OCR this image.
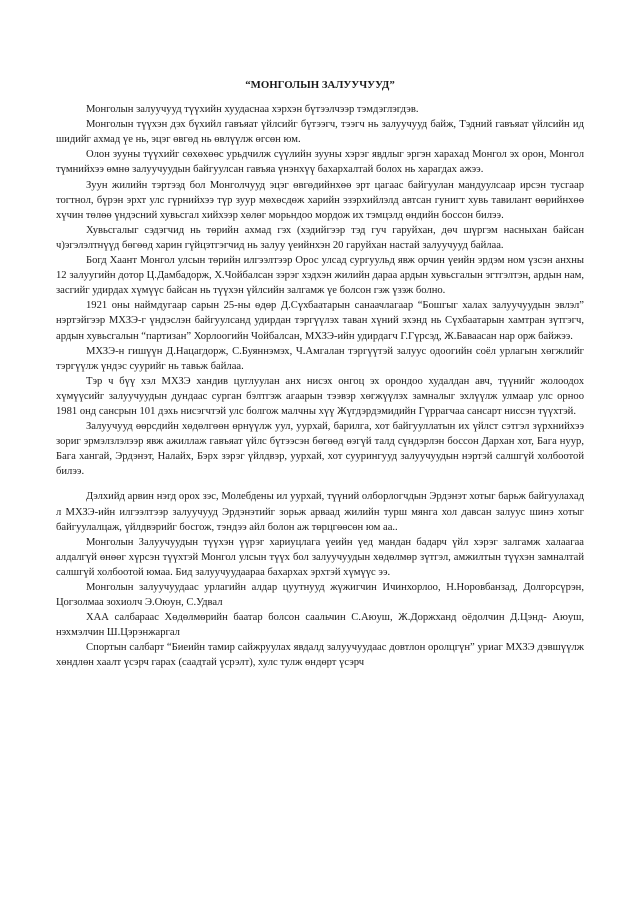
“МОНГОЛЫН ЗАЛУУЧУУД”

Монголын залуучууд түүхийн хуудаснаа хэрхэн бүтээлчээр тэмдэглэгдэв.

Монголын түүхэн дэх бүхийл гавъяат үйлсийг бүтээгч, тээгч нь залуучууд байж, Тэдний гавъяат үйлсийн ид шидийг ахмад үе нь, эцэг өвгөд нь өвлүүлж өгсөн юм.

Олон зууны түүхийг сөхөхөөс урьдчилж сүүлийн зууны хэрэг явдлыг эргэн харахад Монгол эх орон, Монгол түмнийхээ өмнө залуучуудын байгуулсан гавъяа үнэнхүү бахархалтай болох нь харагдах ажээ.

Зуун жилийн тэртээд бол Монголчууд эцэг өвгөдийнхөө эрт цагаас байгуулан мандуулсаар ирсэн тусгаар тогтнол, бүрэн эрхт улс гүрнийхээ түр зуур мөхөсдөж харийн эзэрхийлэлд автсан гунигт хувь тавилант өөрийнхөө хүчин төлөө үндэсний хувьсгал хийхээр хөлөг морьндоо мордож их тэмцэлд өндийн боссон билээ.

Хувьсгалыг сэдэгчид нь төрийн ахмад гэх (хэдийгээр тэд гуч гаруйхан, дөч шүргэм насныхан байсан ч)эгэлэлтнүүд бөгөөд харин гүйцэтгэгчид нь залуу үеийнхэн 20 гаруйхан настай залуучууд байлаа.

Богд Хаант Монгол улсын төрийн илгээлтээр Орос улсад сургуульд явж орчин үеийн эрдэм ном үзсэн анхны 12 залуугийн дотор Ц.Дамбадорж, Х.Чойбалсан зэрэг хэдхэн жилийн дараа ардын хувьсгалын эгтгэлтэн, ардын нам, засгийг удирдах хүмүүс байсан нь түүхэн үйлсийн залгамж үе болсон гэж үзэж болно.

1921 оны наймдугаар сарын 25-ны өдөр Д.Сүхбаатарын санаачлагаар “Бошгыг халах залуучуудын эвлэл” нэртэйгээр МХЗЭ-г үндэслэн байгуулсанд удирдан тэргүүлэх таван хүний эхэнд нь Сүхбаатарын хамтран зүтгэгч, ардын хувьсгалын “партизан” Хорлоогийн Чойбалсан, МХЗЭ-ийн удирдагч Г.Гүрсэд, Ж.Баваасан нар орж байжээ.

МХЗЭ-н гишүүн Д.Нацагдорж, С.Буяннэмэх, Ч.Амгалан тэргүүтэй залуус одоогийн соёл урлагын хөгжлийг тэргүүлж үндэс суурийг нь тавьж байлаа.

Тэр ч бүү хэл МХЗЭ хандив цуглуулан анх нисэх онгоц эх орондоо худалдан авч, түүнийг жолоодох хүмүүсийг залуучуудын дундаас сурган бэлтгэж агаарын тээвэр хөгжүүлэх замналыг эхлүүлж улмаар улс орноо 1981 онд сансрын 101 дэхь нисэгчтэй улс болгож малчны хүү Жүгдэрдэмидийн Гүррагчаа сансарт ниссэн түүхтэй.

Залуучууд өөрсдийн хөдөлгөөн өрнүүлж уул, уурхай, барилга, хот байгууллатын их үйлст сэтгэл зүрхнийхээ зориг эрмэлзлэлээр явж ажиллаж гавъяат үйлс бүтээсэн бөгөөд өэгүй талд сүндэрлэн боссон Дархан хот, Бага нуур, Бага хангай, Эрдэнэт, Налайх, Бэрх зэрэг үйлдвэр, уурхай, хот суурингууд залуучуудын нэртэй салшгүй холбоотой билээ.

Дэлхийд арвин нэгд орох зэс, Молебдены ил уурхай, түүний олборлогчдын Эрдэнэт хотыг барьж байгуулахад л МХЗЭ-ийн илгээлтээр залуучууд Эрдэнэтийг зорьж арваад жилийн турш мянга хол давсан залуус шинэ хотыг байгуулалцаж, үйлдвэрийг босгож, тэндээ айл болон аж төрцгөөсөн юм аа..

Монголын Залуучуудын түүхэн үүрэг хариуцлага үеийн үед мандан бадарч үйл хэрэг залгамж халаагаа алдалгүй өнөөг хүрсэн түүхтэй Монгол улсын түүх бол залуучуудын хөдөлмөр зүтгэл, амжилтын түүхэн замналтай салшгүй холбоотой юмаа. Бид залуучуудаараа бахархах эрхтэй хүмүүс ээ.

Монголын залуучуудаас урлагийн алдар цуутнууд жүжигчин Ичинхорлоо, Н.Норовбанзад, Долгорсүрэн, Цогзолмаа зохиолч Э.Оюун, С.Удвал

ХАА салбараас Хөдөлмөрийн баатар болсон саальчин С.Аюуш, Ж.Доржханд оёдолчин Д.Цэнд- Аюуш, нэхмэлчин Ш.Цэрэнжаргал

Спортын салбарт “Биеийн тамир сайжруулах явдалд залуучуудаас довтлон оролцгүн” уриаг МХЗЭ дэвшүүлж хөндлөн хаалт үсэрч гарах (саадтай үсрэлт), хулс тулж өндөрт үсэрч
